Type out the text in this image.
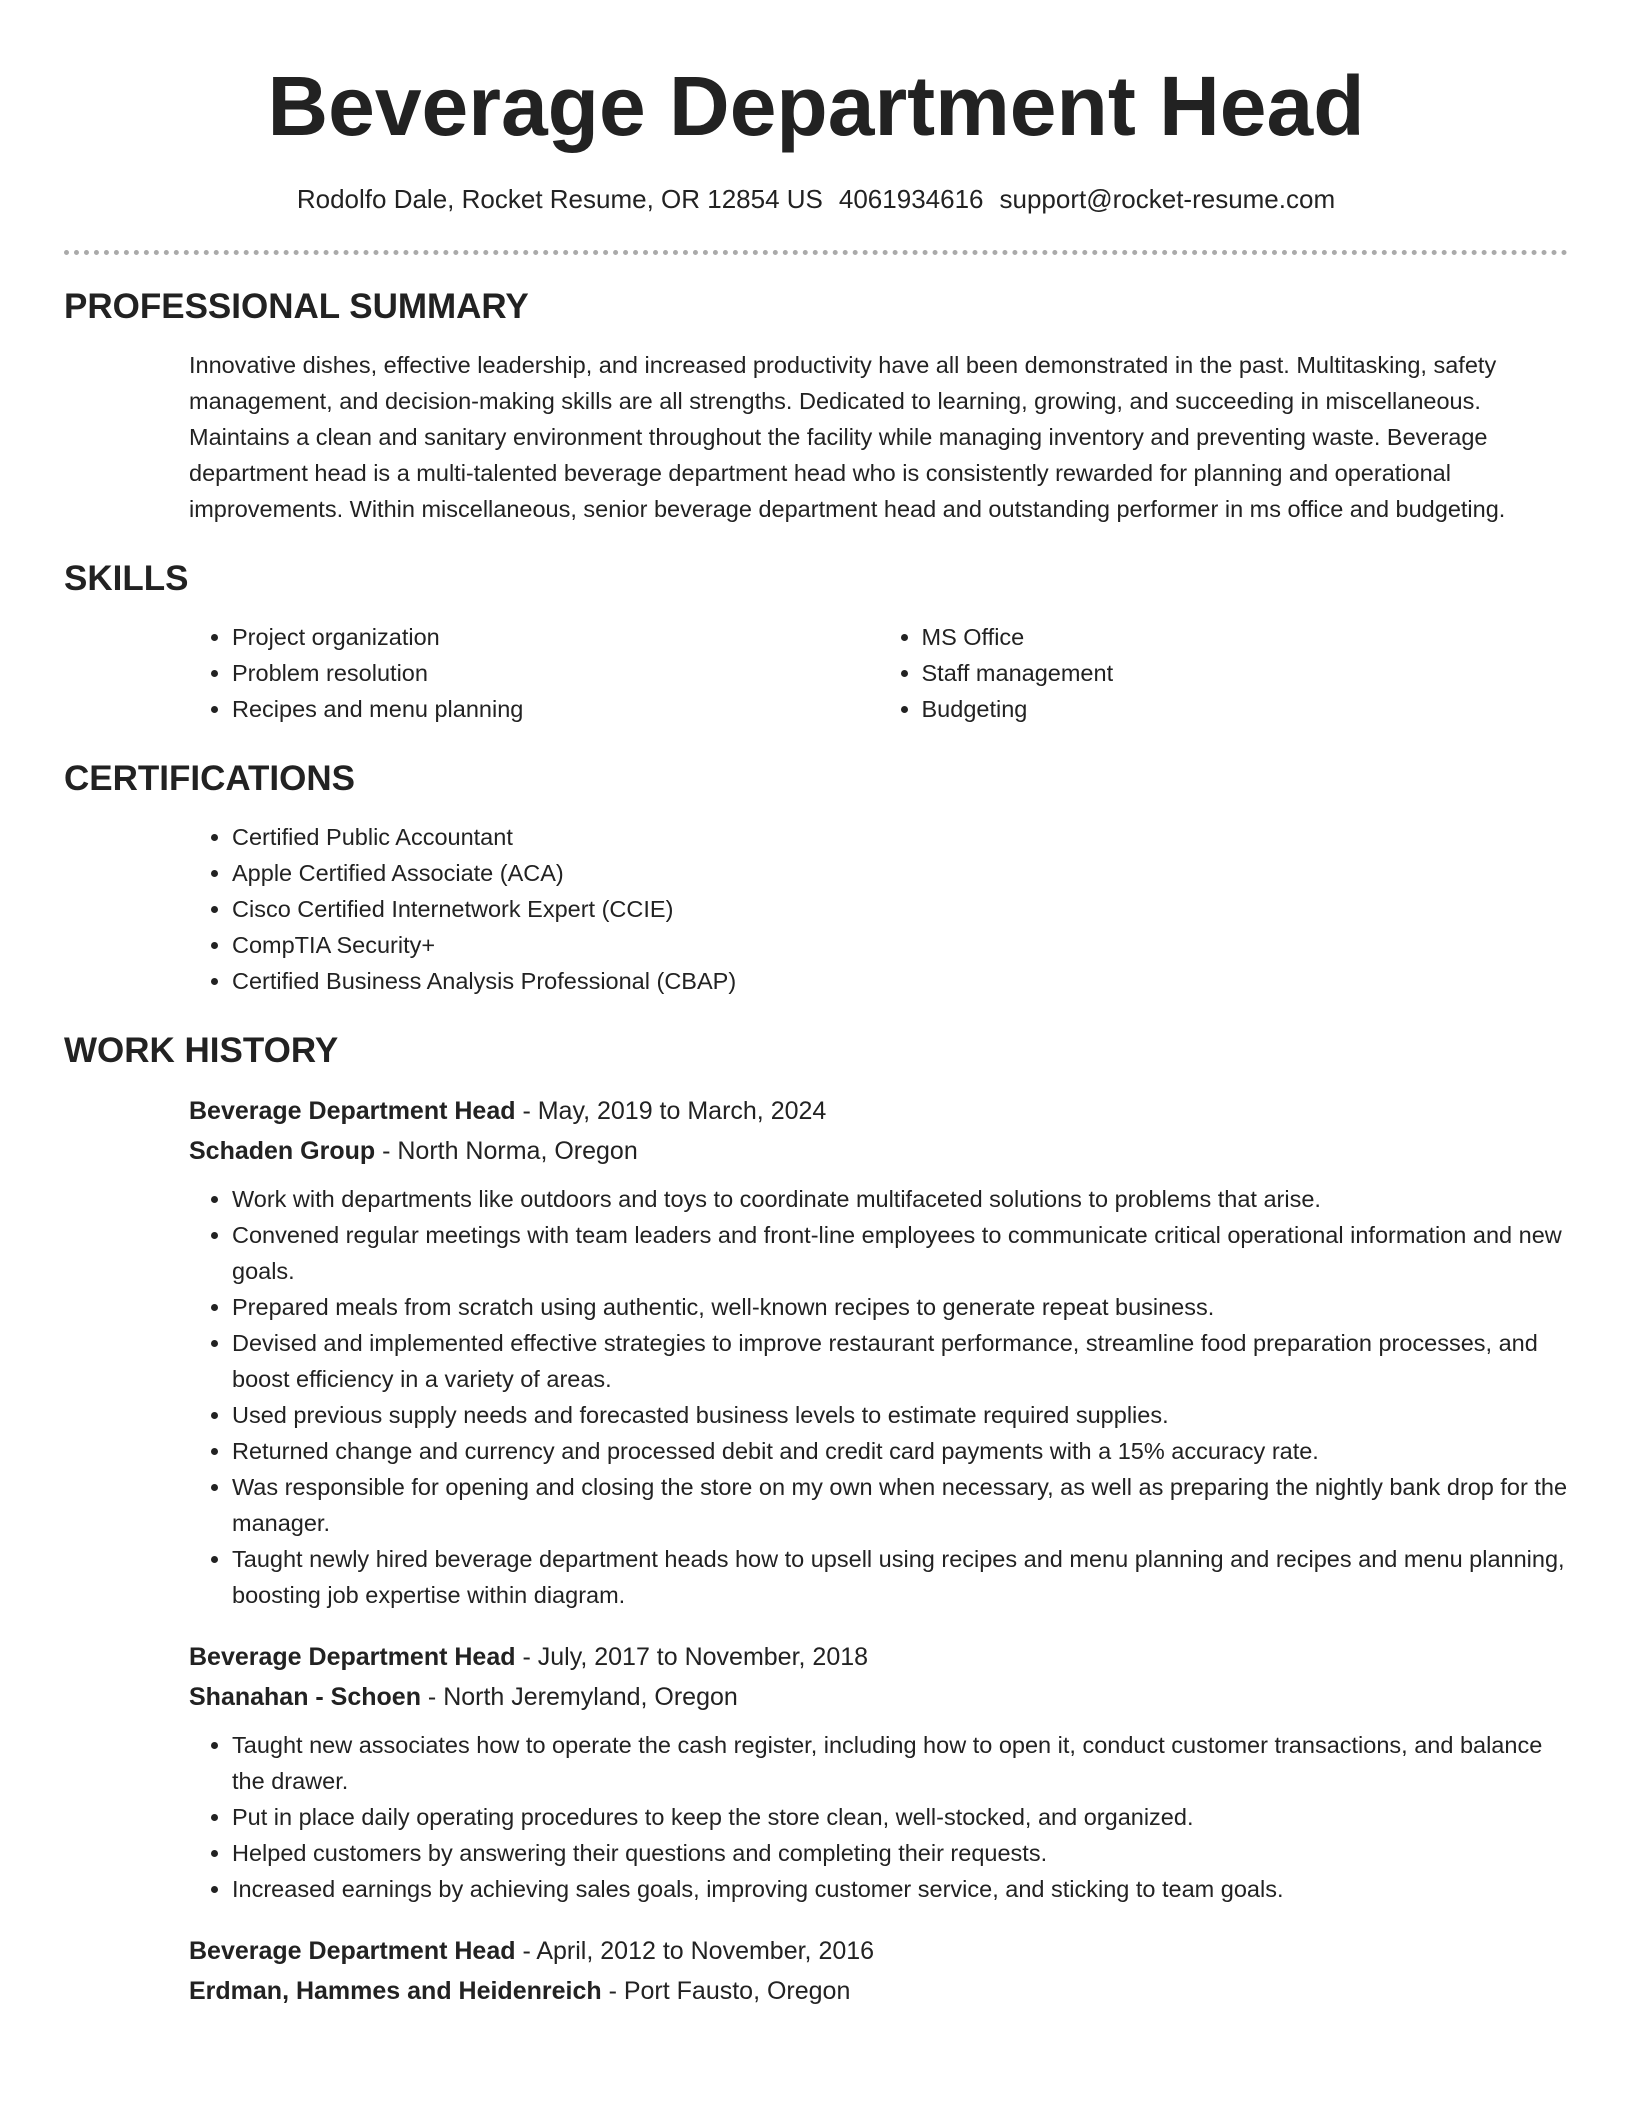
Beverage Department Head
Rodolfo Dale, Rocket Resume, OR 12854 US 4061934616 support@rocket-resume.com
PROFESSIONAL SUMMARY

Innovative dishes, effective leadership, and increased productivity have all been demonstrated in the past. Multitasking, safety management, and decision-making skills are all strengths. Dedicated to learning, growing, and succeeding in miscellaneous. Maintains a clean and sanitary environment throughout the facility while managing inventory and preventing waste. Beverage department head is a multi-talented beverage department head who is consistently rewarded for planning and operational improvements. Within miscellaneous, senior beverage department head and outstanding performer in ms office and budgeting.

SKILLS
• Project organization
• Problem resolution
• Recipes and menu planning
• MS Office
• Staff management
• Budgeting
CERTIFICATIONS
• Certified Public Accountant
• Apple Certified Associate (ACA)
• Cisco Certified Internetwork Expert (CCIE)
• CompTIA Security+
• Certified Business Analysis Professional (CBAP)
WORK HISTORY
Beverage Department Head - May, 2019 to March, 2024
Schaden Group - North Norma, Oregon
• Work with departments like outdoors and toys to coordinate multifaceted solutions to problems that arise.
• Convened regular meetings with team leaders and front-line employees to communicate critical operational information and new goals.
• Prepared meals from scratch using authentic, well-known recipes to generate repeat business.
• Devised and implemented effective strategies to improve restaurant performance, streamline food preparation processes, and boost efficiency in a variety of areas.
• Used previous supply needs and forecasted business levels to estimate required supplies.
• Returned change and currency and processed debit and credit card payments with a 15% accuracy rate.
• Was responsible for opening and closing the store on my own when necessary, as well as preparing the nightly bank drop for the manager.
• Taught newly hired beverage department heads how to upsell using recipes and menu planning and recipes and menu planning, boosting job expertise within diagram.
Beverage Department Head - July, 2017 to November, 2018
Shanahan - Schoen - North Jeremyland, Oregon
• Taught new associates how to operate the cash register, including how to open it, conduct customer transactions, and balance the drawer.
• Put in place daily operating procedures to keep the store clean, well-stocked, and organized.
• Helped customers by answering their questions and completing their requests.
• Increased earnings by achieving sales goals, improving customer service, and sticking to team goals.
Beverage Department Head - April, 2012 to November, 2016
Erdman, Hammes and Heidenreich - Port Fausto, Oregon
